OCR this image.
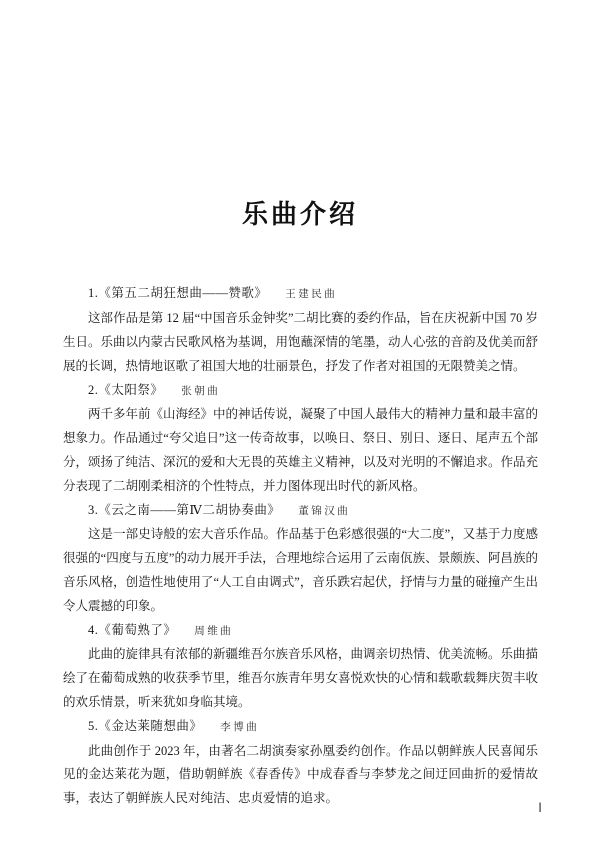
乐曲介绍
1.《第五二胡狂想曲——赞歌》 王建民曲

这部作品是第 12 届“中国音乐金钟奖”二胡比赛的委约作品，旨在庆祝新中国 70 岁生日。乐曲以内蒙古民歌风格为基调，用饱蘸深情的笔墨，动人心弦的音韵及优美而舒展的长调，热情地讴歌了祖国大地的壮丽景色，抒发了作者对祖国的无限赞美之情。

2.《太阳祭》 张朝曲

两千多年前《山海经》中的神话传说，凝聚了中国人最伟大的精神力量和最丰富的想象力。作品通过“夸父追日”这一传奇故事，以唤日、祭日、别日、逐日、尾声五个部分，颂扬了纯洁、深沉的爱和大无畏的英雄主义精神，以及对光明的不懈追求。作品充分表现了二胡刚柔相济的个性特点，并力图体现出时代的新风格。

3.《云之南——第Ⅳ二胡协奏曲》 董锦汉曲

这是一部史诗般的宏大音乐作品。作品基于色彩感很强的“大二度”，又基于力度感很强的“四度与五度”的动力展开手法，合理地综合运用了云南佤族、景颇族、阿昌族的音乐风格，创造性地使用了“人工自由调式”，音乐跌宕起伏，抒情与力量的碰撞产生出令人震撼的印象。

4.《葡萄熟了》 周维曲

此曲的旋律具有浓郁的新疆维吾尔族音乐风格，曲调亲切热情、优美流畅。乐曲描绘了在葡萄成熟的收获季节里，维吾尔族青年男女喜悦欢快的心情和载歌载舞庆贺丰收的欢乐情景，听来犹如身临其境。

5.《金达莱随想曲》 李博曲

此曲创作于 2023 年，由著名二胡演奏家孙凰委约创作。作品以朝鲜族人民喜闻乐见的金达莱花为题，借助朝鲜族《春香传》中成春香与李梦龙之间迂回曲折的爱情故事，表达了朝鲜族人民对纯洁、忠贞爱情的追求。

I
